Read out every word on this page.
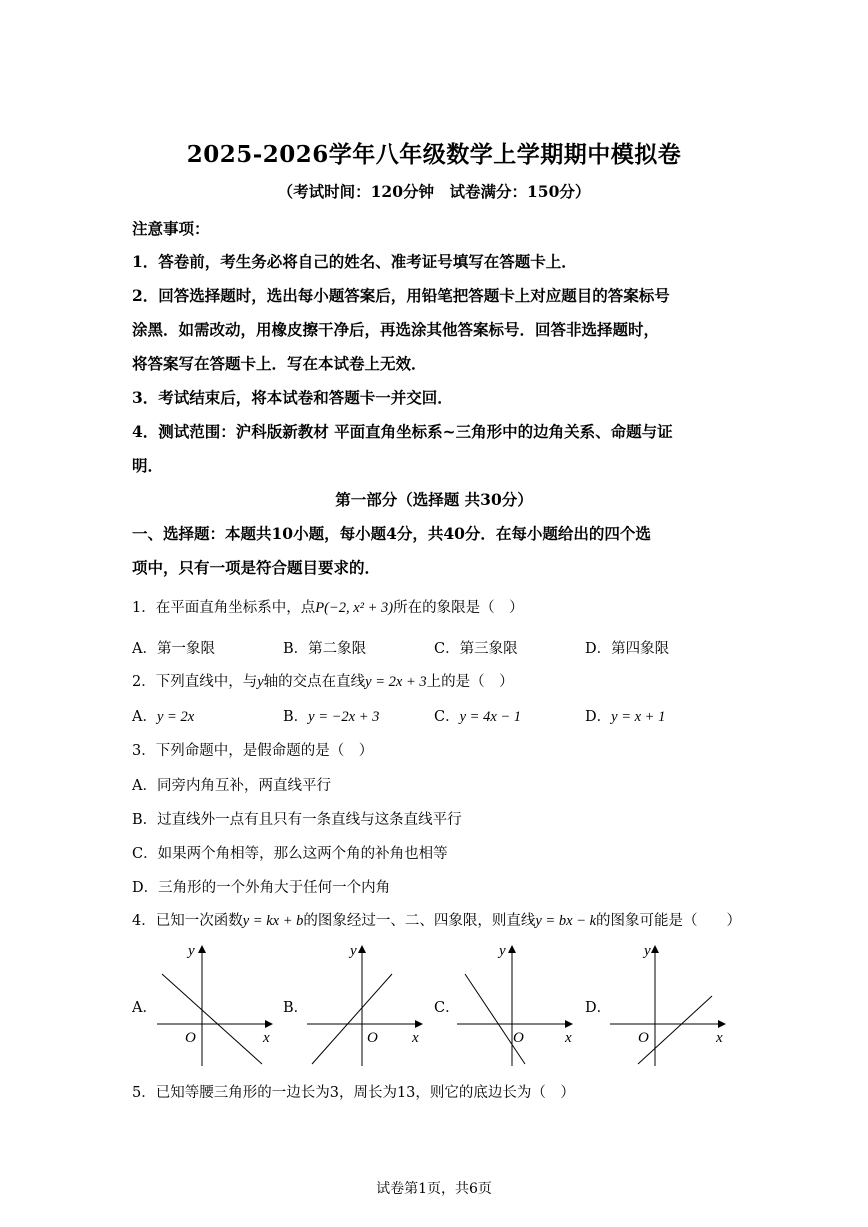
2025-2026学年八年级数学上学期期中模拟卷
（考试时间：120分钟　试卷满分：150分）
注意事项：
1．答卷前，考生务必将自己的姓名、准考证号填写在答题卡上．
2．回答选择题时，选出每小题答案后，用铅笔把答题卡上对应题目的答案标号
涂黑．如需改动，用橡皮擦干净后，再选涂其他答案标号．回答非选择题时，
将答案写在答题卡上．写在本试卷上无效．
3．考试结束后，将本试卷和答题卡一并交回．
4．测试范围：沪科版新教材 平面直角坐标系~三角形中的边角关系、命题与证
明．
第一部分（选择题 共30分）
一、选择题：本题共10小题，每小题4分，共40分．在每小题给出的四个选
项中，只有一项是符合题目要求的．
1．在平面直角坐标系中，点P(−2, x² + 3)所在的象限是（　）
A．第一象限	B．第二象限	C．第三象限	D．第四象限
2．下列直线中，与y轴的交点在直线y = 2x + 3上的是（　）
A．y = 2x	B．y = −2x + 3	C．y = 4x − 1	D．y = x + 1
3．下列命题中，是假命题的是（　）
A．同旁内角互补，两直线平行
B．过直线外一点有且只有一条直线与这条直线平行
C．如果两个角相等，那么这两个角的补角也相等
D．三角形的一个外角大于任何一个内角
4．已知一次函数y = kx + b的图象经过一、二、四象限，则直线y = bx − k的图象可能是（　　）
A．	B．	C．	D．
y
x
O
y
x
O
y
x
O
y
x
O
5．已知等腰三角形的一边长为3，周长为13，则它的底边长为（　）
试卷第1页，共6页
